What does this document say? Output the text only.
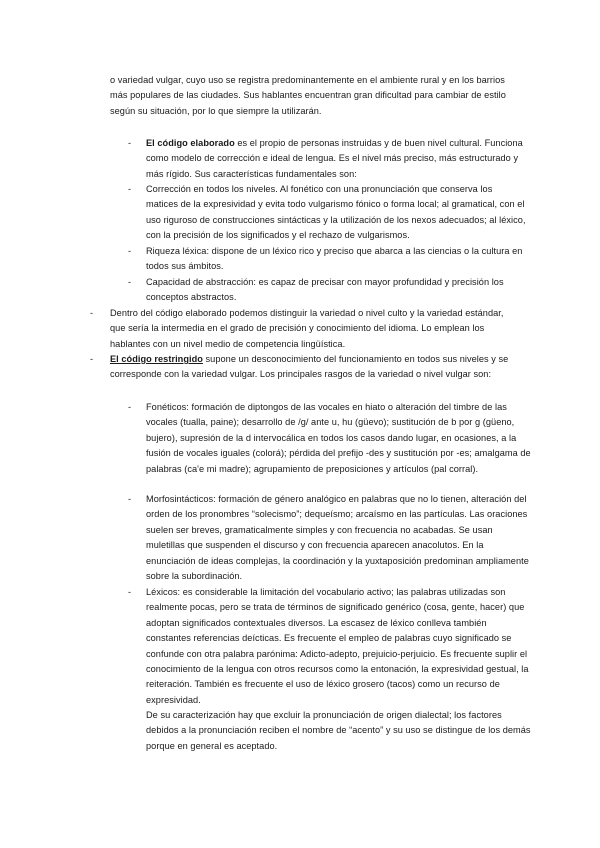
o variedad vulgar, cuyo uso se registra predominantemente en el ambiente rural y en los barrios más populares de las ciudades. Sus hablantes encuentran gran dificultad para cambiar de estilo según su situación, por lo que siempre la utilizarán.

- El código elaborado es el propio de personas instruidas y de buen nivel cultural. Funciona como modelo de corrección e ideal de lengua. Es el nivel más preciso, más estructurado y más rígido. Sus características fundamentales son:

- Corrección en todos los niveles. Al fonético con una pronunciación que conserva los matices de la expresividad y evita todo vulgarismo fónico o forma local; al gramatical, con el uso riguroso de construcciones sintácticas y la utilización de los nexos adecuados; al léxico, con la precisión de los significados y el rechazo de vulgarismos.

- Riqueza léxica: dispone de un léxico rico y preciso que abarca a las ciencias o la cultura en todos sus ámbitos.

- Capacidad de abstracción: es capaz de precisar con mayor profundidad y precisión los conceptos abstractos.

- Dentro del código elaborado podemos distinguir la variedad o nivel culto y la variedad estándar, que sería la intermedia en el grado de precisión y conocimiento del idioma. Lo emplean los hablantes con un nivel medio de competencia lingüística.

- El código restringido supone un desconocimiento del funcionamiento en todos sus niveles y se corresponde con la variedad vulgar. Los principales rasgos de la variedad o nivel vulgar son:

- Fonéticos: formación de diptongos de las vocales en hiato o alteración del timbre de las vocales (tualla, paine); desarrollo de /g/ ante u, hu (güevo); sustitución de b por g (güeno, bujero), supresión de la d intervocálica en todos los casos dando lugar, en ocasiones, a la fusión de vocales iguales (colorá); pérdida del prefijo -des y sustitución por -es; amalgama de palabras (ca'e mi madre); agrupamiento de preposiciones y artículos (pal corral).

- Morfosintácticos: formación de género analógico en palabras que no lo tienen, alteración del orden de los pronombres “solecismo”; dequeísmo; arcaísmo en las partículas. Las oraciones suelen ser breves, gramaticalmente simples y con frecuencia no acabadas. Se usan muletillas que suspenden el discurso y con frecuencia aparecen anacolutos. En la enunciación de ideas complejas, la coordinación y la yuxtaposición predominan ampliamente sobre la subordinación.

- Léxicos: es considerable la limitación del vocabulario activo; las palabras utilizadas son realmente pocas, pero se trata de términos de significado genérico (cosa, gente, hacer) que adoptan significados contextuales diversos. La escasez de léxico conlleva también constantes referencias deícticas. Es frecuente el empleo de palabras cuyo significado se confunde con otra palabra parónima: Adicto-adepto, prejuicio-perjuicio. Es frecuente suplir el conocimiento de la lengua con otros recursos como la entonación, la expresividad gestual, la reiteración. También es frecuente el uso de léxico grosero (tacos) como un recurso de expresividad.

De su caracterización hay que excluir la pronunciación de origen dialectal; los factores debidos a la pronunciación reciben el nombre de “acento” y su uso se distingue de los demás porque en general es aceptado.
